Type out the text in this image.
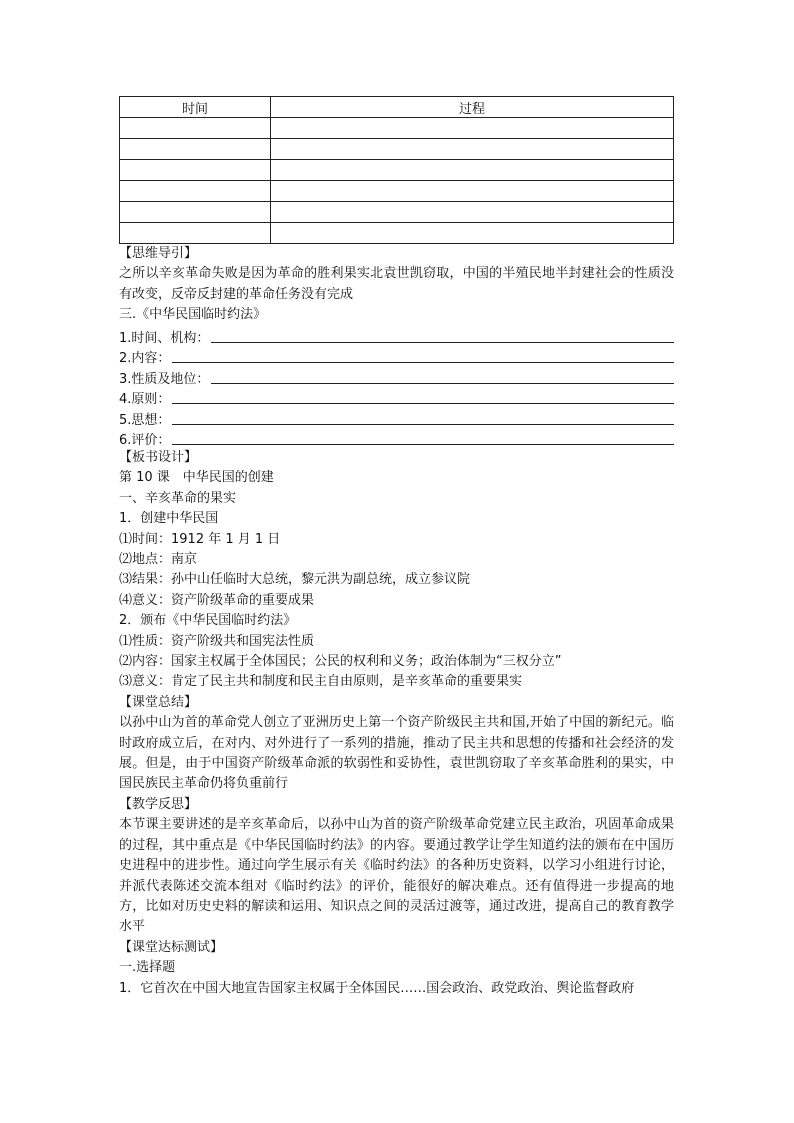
时间	过程

【思维导引】
之所以辛亥革命失败是因为革命的胜利果实北袁世凯窃取，中国的半殖民地半封建社会的性质没有改变，反帝反封建的革命任务没有完成
三.《中华民国临时约法》
1.时间、机构：
2.内容：
3.性质及地位：
4.原则：
5.思想：
6.评价：
【板书设计】
第 10 课　中华民国的创建
一、辛亥革命的果实
1．创建中华民国
⑴时间：1912 年 1 月 1 日
⑵地点：南京
⑶结果：孙中山任临时大总统，黎元洪为副总统，成立参议院
⑷意义：资产阶级革命的重要成果
2．颁布《中华民国临时约法》
⑴性质：资产阶级共和国宪法性质
⑵内容：国家主权属于全体国民；公民的权利和义务；政治体制为“三权分立”
⑶意义：肯定了民主共和制度和民主自由原则，是辛亥革命的重要果实
【课堂总结】
以孙中山为首的革命党人创立了亚洲历史上第一个资产阶级民主共和国,开始了中国的新纪元。临时政府成立后，在对内、对外进行了一系列的措施，推动了民主共和思想的传播和社会经济的发展。但是，由于中国资产阶级革命派的软弱性和妥协性，袁世凯窃取了辛亥革命胜利的果实，中国民族民主革命仍将负重前行
【教学反思】
本节课主要讲述的是辛亥革命后，以孙中山为首的资产阶级革命党建立民主政治，巩固革命成果的过程，其中重点是《中华民国临时约法》的内容。要通过教学让学生知道约法的颁布在中国历史进程中的进步性。通过向学生展示有关《临时约法》的各种历史资料，以学习小组进行讨论，并派代表陈述交流本组对《临时约法》的评价，能很好的解决难点。还有值得进一步提高的地方，比如对历史史料的解读和运用、知识点之间的灵活过渡等，通过改进，提高自己的教育教学水平
【课堂达标测试】
一.选择题
1．它首次在中国大地宣告国家主权属于全体国民……国会政治、政党政治、舆论监督政府
